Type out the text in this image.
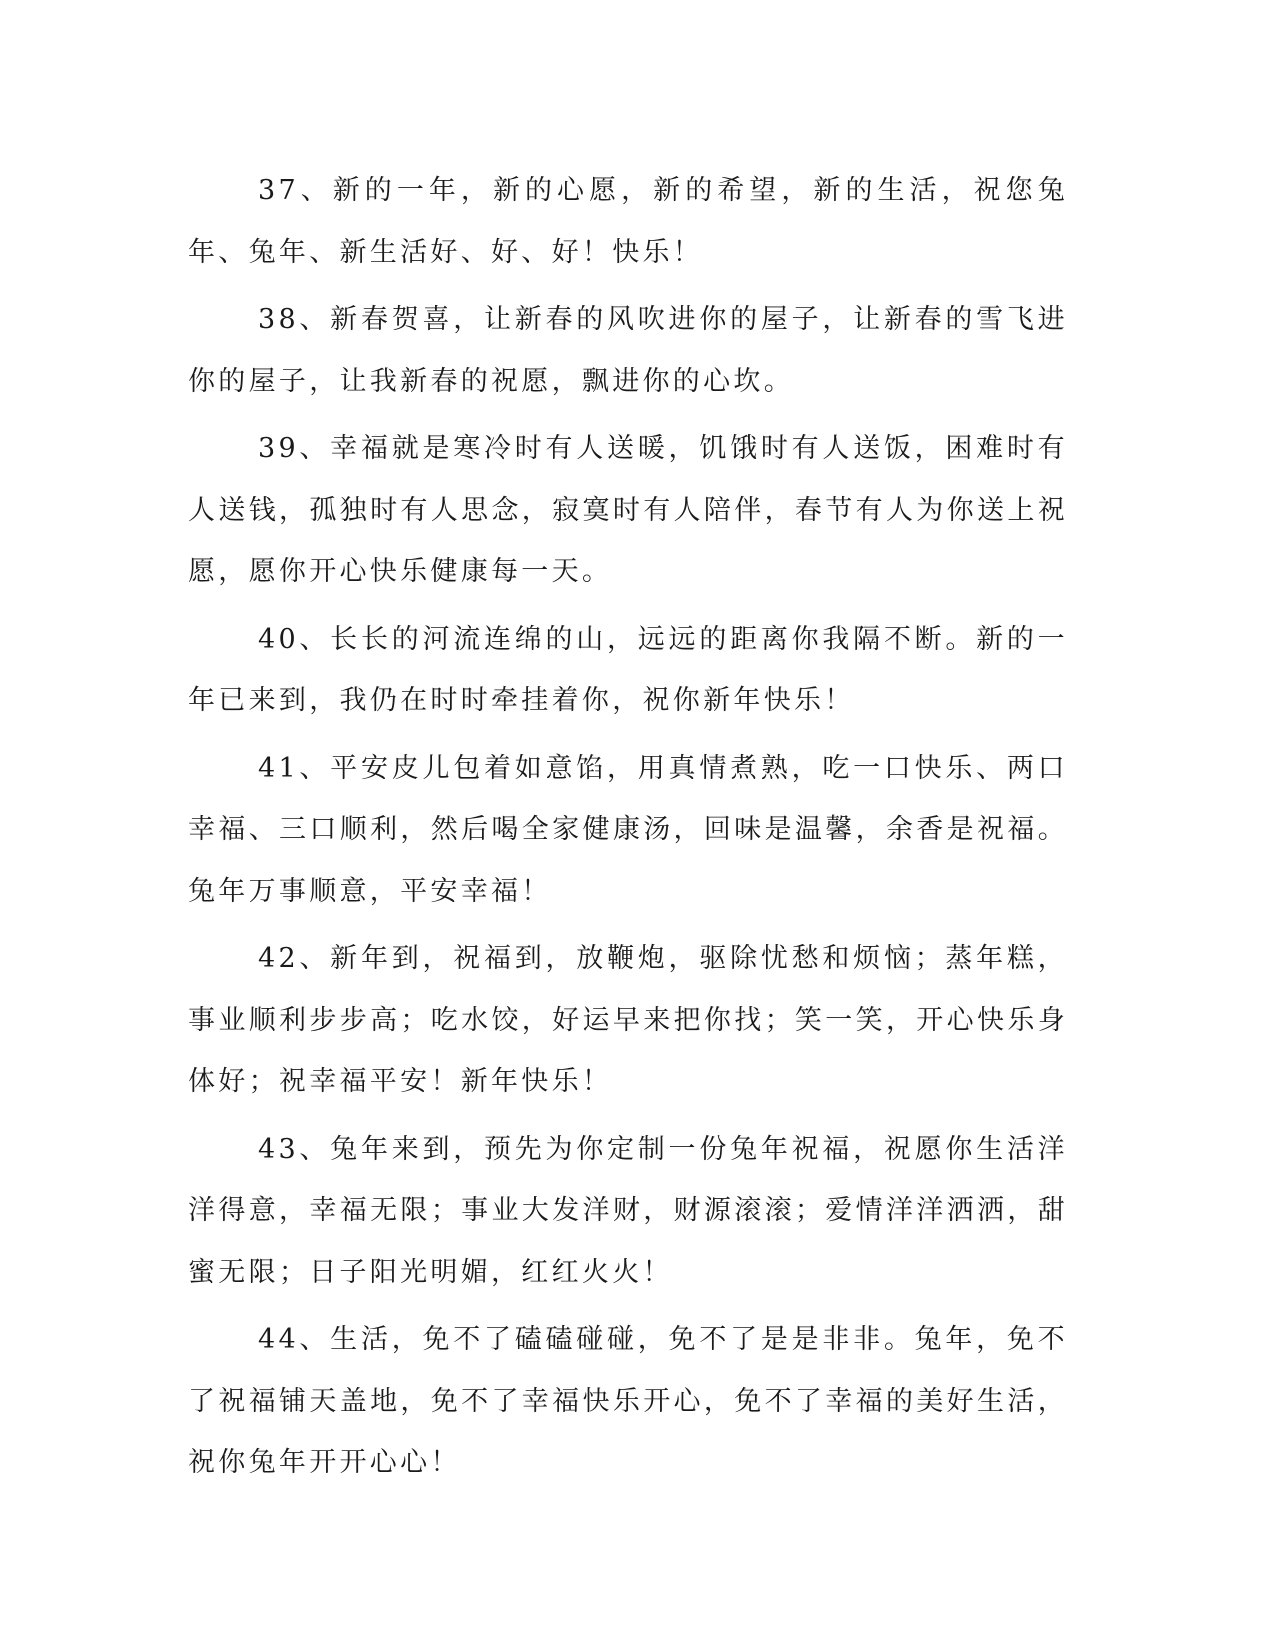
37、新的一年，新的心愿，新的希望，新的生活，祝您兔年、兔年、新生活好、好、好！快乐！

38、新春贺喜，让新春的风吹进你的屋子，让新春的雪飞进你的屋子，让我新春的祝愿，飘进你的心坎。

39、幸福就是寒冷时有人送暖，饥饿时有人送饭，困难时有人送钱，孤独时有人思念，寂寞时有人陪伴，春节有人为你送上祝愿，愿你开心快乐健康每一天。

40、长长的河流连绵的山，远远的距离你我隔不断。新的一年已来到，我仍在时时牵挂着你，祝你新年快乐！

41、平安皮儿包着如意馅，用真情煮熟，吃一口快乐、两口幸福、三口顺利，然后喝全家健康汤，回味是温馨，余香是祝福。兔年万事顺意，平安幸福！

42、新年到，祝福到，放鞭炮，驱除忧愁和烦恼；蒸年糕，事业顺利步步高；吃水饺，好运早来把你找；笑一笑，开心快乐身体好；祝幸福平安！新年快乐！

43、兔年来到，预先为你定制一份兔年祝福，祝愿你生活洋洋得意，幸福无限；事业大发洋财，财源滚滚；爱情洋洋洒洒，甜蜜无限；日子阳光明媚，红红火火！

44、生活，免不了磕磕碰碰，免不了是是非非。兔年，免不了祝福铺天盖地，免不了幸福快乐开心，免不了幸福的美好生活，祝你兔年开开心心！
